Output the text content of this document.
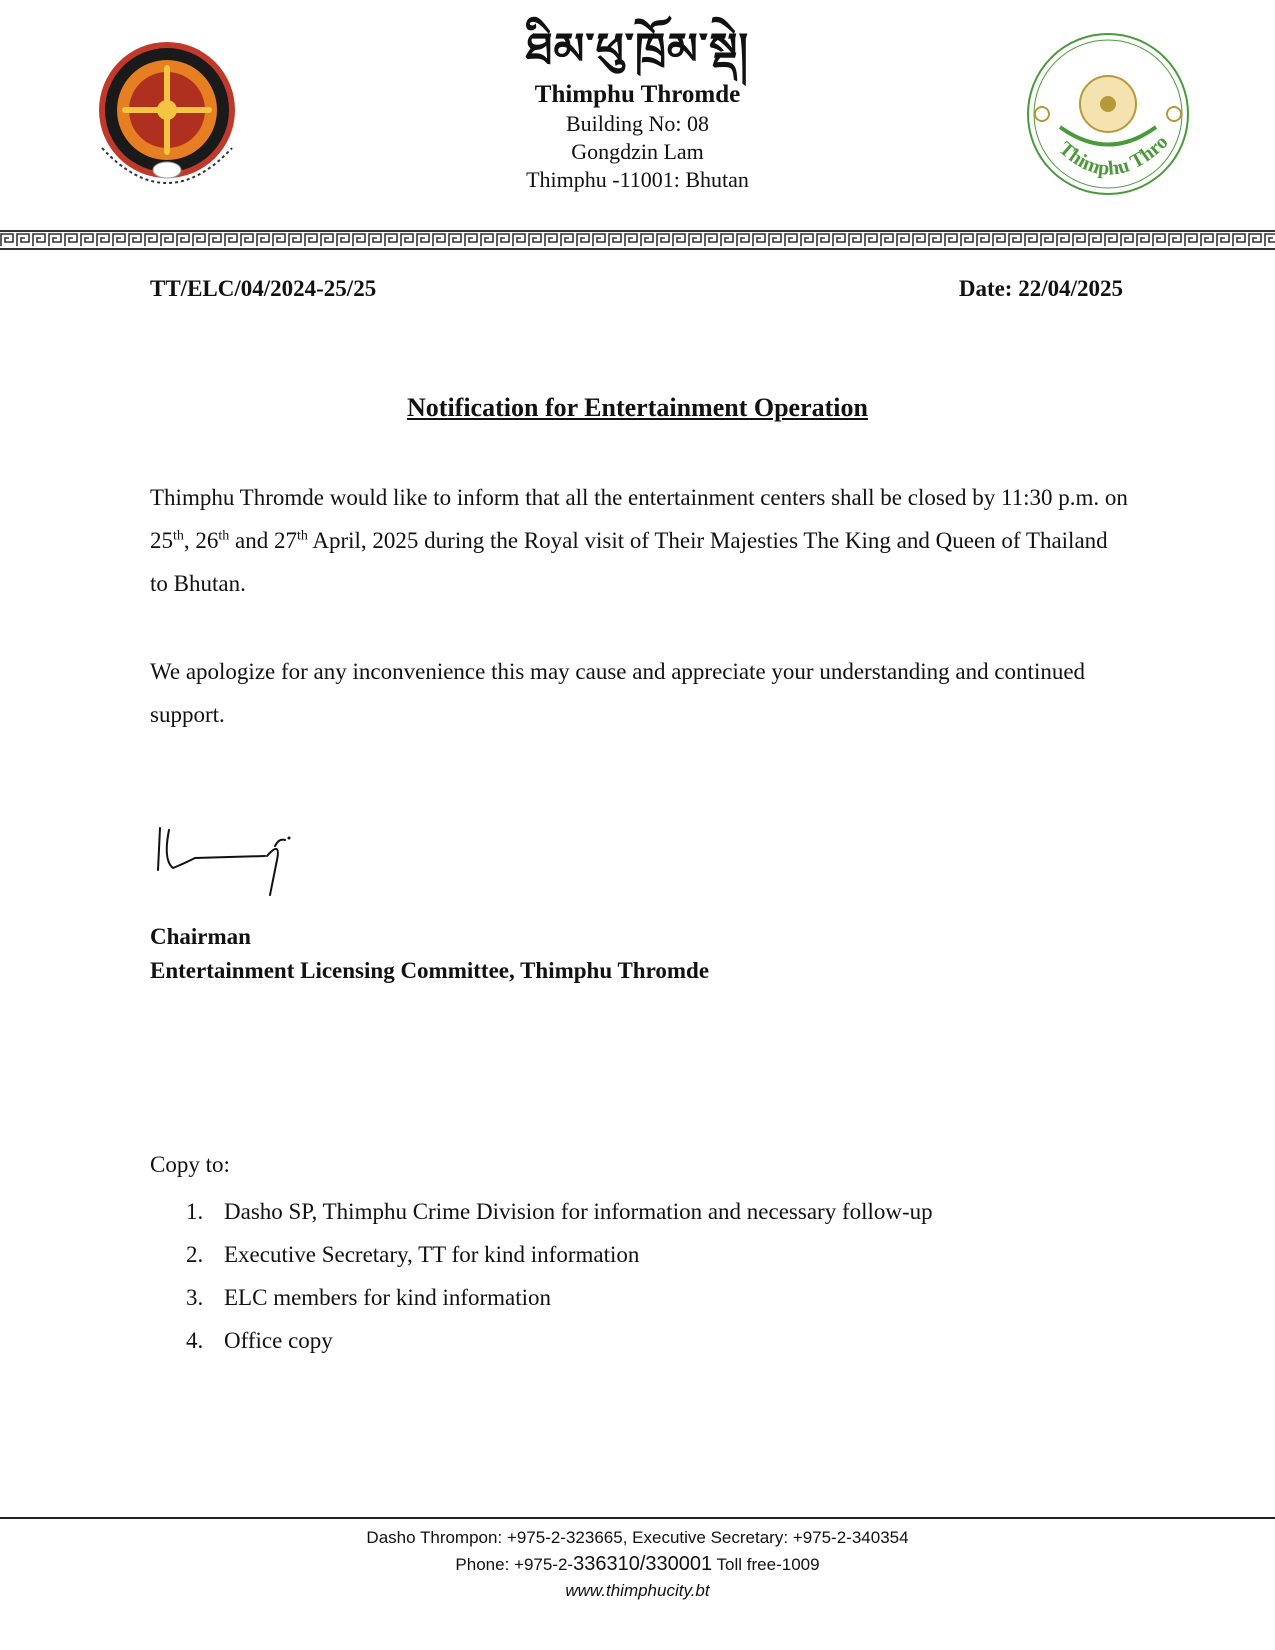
ཐིམ་ཕུ་ཁྲོམ་སྡེ།
Thimphu Thromde
Building No: 08
Gongdzin Lam
Thimphu -11001: Bhutan
Thimphu Thro
TT/ELC/04/2024-25/25	Date: 22/04/2025
Notification for Entertainment Operation
Thimphu Thromde would like to inform that all the entertainment centers shall be closed by 11:30 p.m. on 25th, 26th and 27th April, 2025 during the Royal visit of Their Majesties The King and Queen of Thailand to Bhutan.
We apologize for any inconvenience this may cause and appreciate your understanding and continued support.
Chairman
Entertainment Licensing Committee, Thimphu Thromde
Copy to:
1. Dasho SP, Thimphu Crime Division for information and necessary follow-up
2. Executive Secretary, TT for kind information
3. ELC members for kind information
4. Office copy
Dasho Thrompon: +975-2-323665, Executive Secretary: +975-2-340354
Phone: +975-2-336310/330001 Toll free-1009
www.thimphucity.bt
